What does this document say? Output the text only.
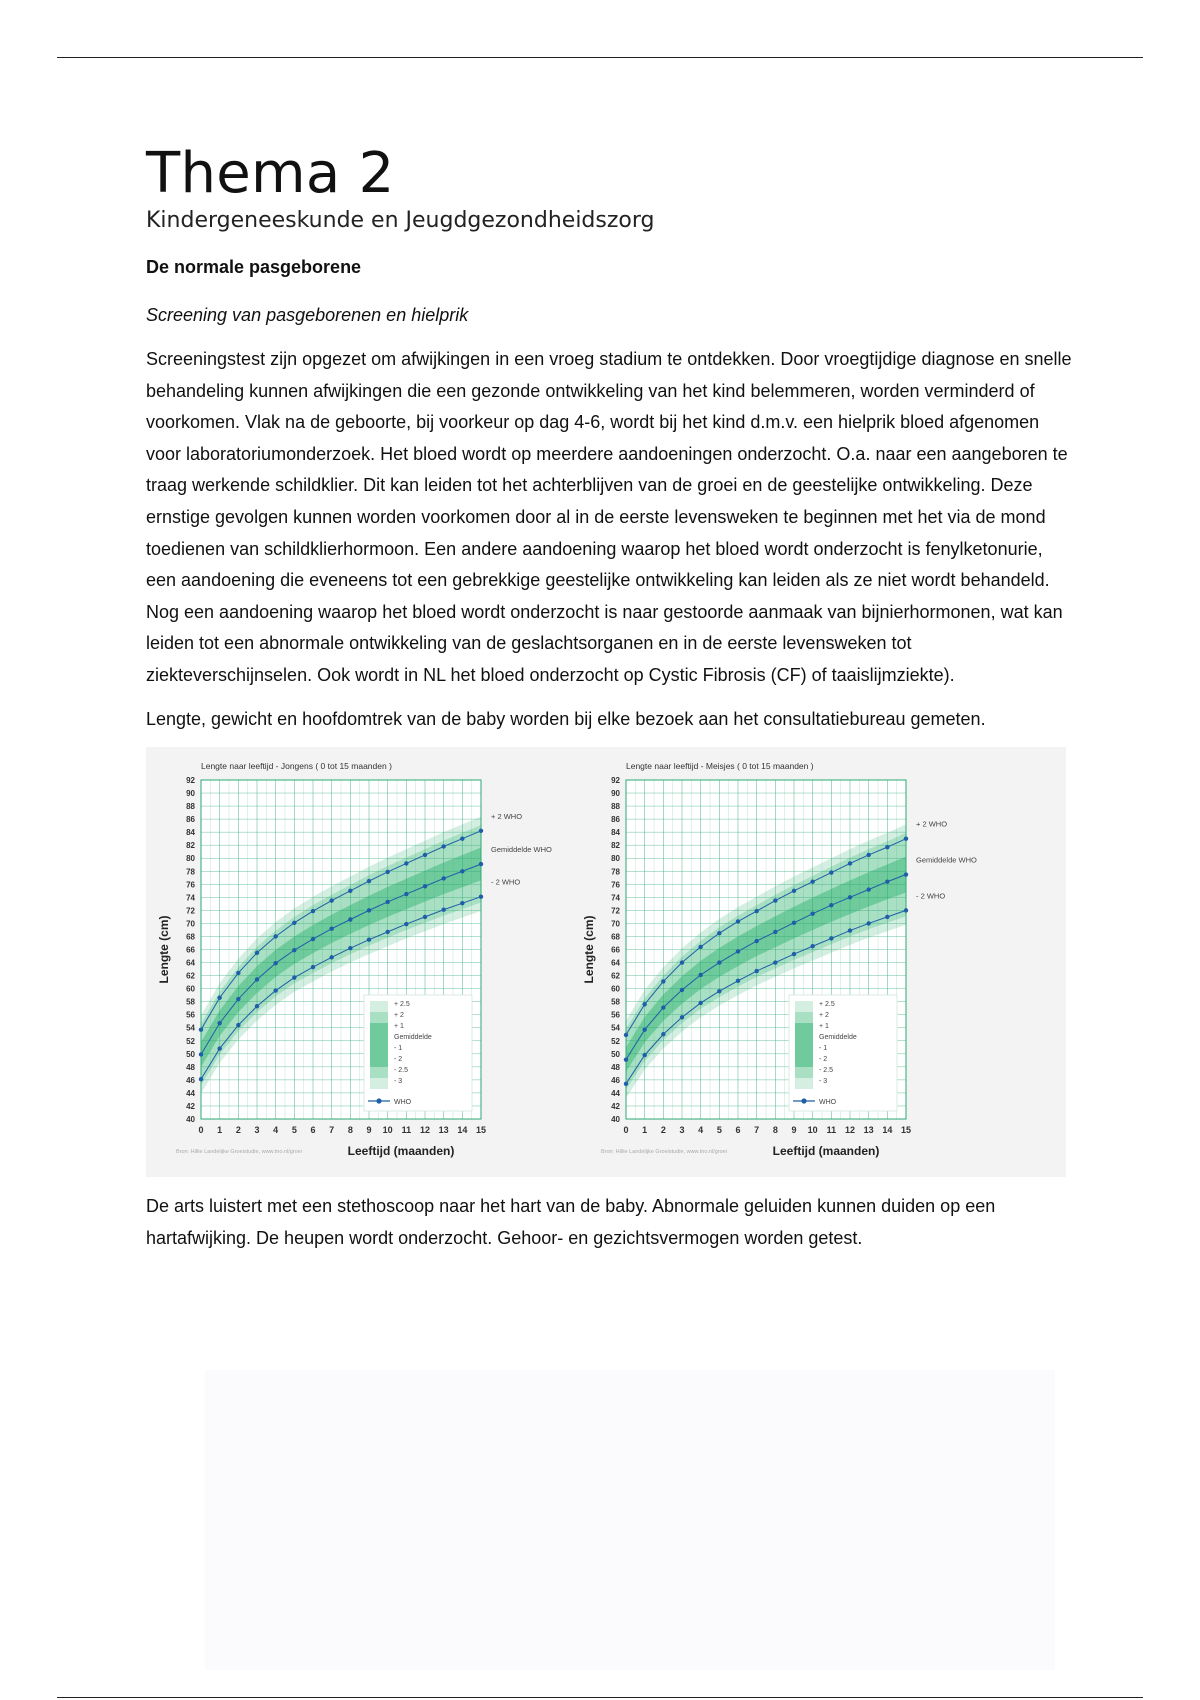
Thema 2
Kindergeneeskunde en Jeugdgezondheidszorg

De normale pasgeborene

Screening van pasgeborenen en hielprik

Screeningstest zijn opgezet om afwijkingen in een vroeg stadium te ontdekken. Door vroegtijdige diagnose en snelle behandeling kunnen afwijkingen die een gezonde ontwikkeling van het kind belemmeren, worden verminderd of voorkomen. Vlak na de geboorte, bij voorkeur op dag 4-6, wordt bij het kind d.m.v. een hielprik bloed afgenomen voor laboratoriumonderzoek. Het bloed wordt op meerdere aandoeningen onderzocht. O.a. naar een aangeboren te traag werkende schildklier. Dit kan leiden tot het achterblijven van de groei en de geestelijke ontwikkeling. Deze ernstige gevolgen kunnen worden voorkomen door al in de eerste levensweken te beginnen met het via de mond toedienen van schildklierhormoon. Een andere aandoening waarop het bloed wordt onderzocht is fenylketonurie, een aandoening die eveneens tot een gebrekkige geestelijke ontwikkeling kan leiden als ze niet wordt behandeld. Nog een aandoening waarop het bloed wordt onderzocht is naar gestoorde aanmaak van bijnierhormonen, wat kan leiden tot een abnormale ontwikkeling van de geslachtsorganen en in de eerste levensweken tot ziekteverschijnselen. Ook wordt in NL het bloed onderzocht op Cystic Fibrosis (CF) of taaislijmziekte).

Lengte, gewicht en hoofdomtrek van de baby worden bij elke bezoek aan het consultatiebureau gemeten.

0 1 2 3 4 5 6 7 8 9 10 11 12 13 14 15
40
42
44
46
48
50
52
54
56
58
60
62
64
66
68
70
72
74
76
78
80
82
84
86
88
90
92
+ 2 WHO
Gemiddelde WHO
- 2 WHO
Lengte naar leeftijd - Jongens ( 0 tot 15 maanden )
Leeftijd (maanden)
Lengte (cm)
Bron: Hillie Landelijke Groeistudie, www.tno.nl/groei
+ 2.5
+ 2
+ 1
Gemiddelde
- 1
- 2
- 2.5
- 3
WHO
0 1 2 3 4 5 6 7 8 9 10 11 12 13 14 15
40
42
44
46
48
50
52
54
56
58
60
62
64
66
68
70
72
74
76
78
80
82
84
86
88
90
92
+ 2 WHO
Gemiddelde WHO
- 2 WHO
Lengte naar leeftijd - Meisjes ( 0 tot 15 maanden )
Leeftijd (maanden)
Lengte (cm)
Bron: Hillie Landelijke Groeistudie, www.tno.nl/groei
+ 2.5
+ 2
+ 1
Gemiddelde
- 1
- 2
- 2.5
- 3
WHO

De arts luistert met een stethoscoop naar het hart van de baby. Abnormale geluiden kunnen duiden op een hartafwijking. De heupen wordt onderzocht. Gehoor- en gezichtsvermogen worden getest.
